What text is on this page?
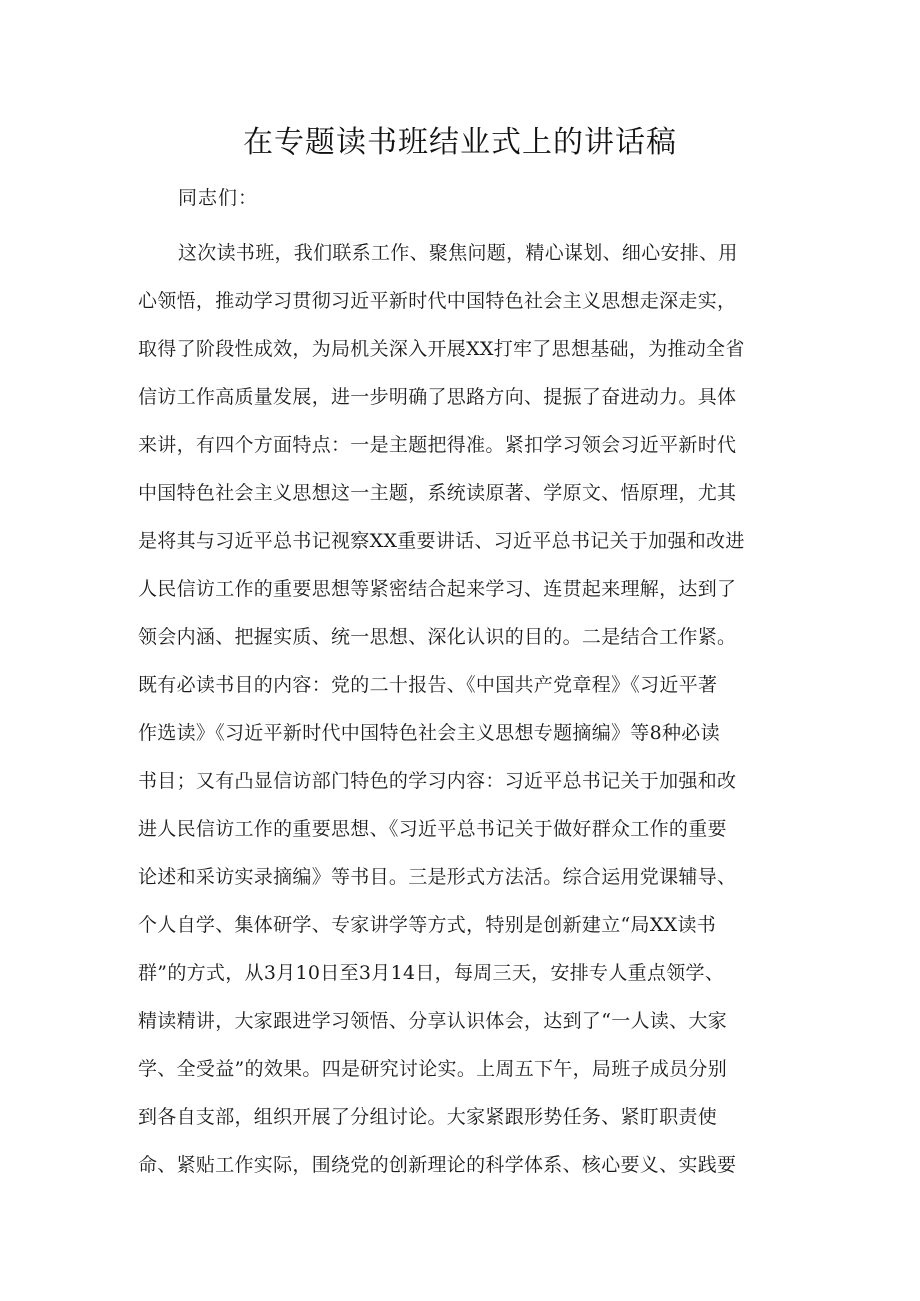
在专题读书班结业式上的讲话稿

同志们：

这次读书班，我们联系工作、聚焦问题，精心谋划、细心安排、用
心领悟，推动学习贯彻习近平新时代中国特色社会主义思想走深走实，
取得了阶段性成效，为局机关深入开展XX打牢了思想基础，为推动全省
信访工作高质量发展，进一步明确了思路方向、提振了奋进动力。具体
来讲，有四个方面特点：一是主题把得准。紧扣学习领会习近平新时代
中国特色社会主义思想这一主题，系统读原著、学原文、悟原理，尤其
是将其与习近平总书记视察XX重要讲话、习近平总书记关于加强和改进
人民信访工作的重要思想等紧密结合起来学习、连贯起来理解，达到了
领会内涵、把握实质、统一思想、深化认识的目的。二是结合工作紧。
既有必读书目的内容：党的二十报告、《中国共产党章程》《习近平著
作选读》《习近平新时代中国特色社会主义思想专题摘编》等8种必读
书目；又有凸显信访部门特色的学习内容：习近平总书记关于加强和改
进人民信访工作的重要思想、《习近平总书记关于做好群众工作的重要
论述和采访实录摘编》等书目。三是形式方法活。综合运用党课辅导、
个人自学、集体研学、专家讲学等方式，特别是创新建立“局XX读书
群”的方式，从3月10日至3月14日，每周三天，安排专人重点领学、
精读精讲，大家跟进学习领悟、分享认识体会，达到了“一人读、大家
学、全受益”的效果。四是研究讨论实。上周五下午，局班子成员分别
到各自支部，组织开展了分组讨论。大家紧跟形势任务、紧盯职责使
命、紧贴工作实际，围绕党的创新理论的科学体系、核心要义、实践要
